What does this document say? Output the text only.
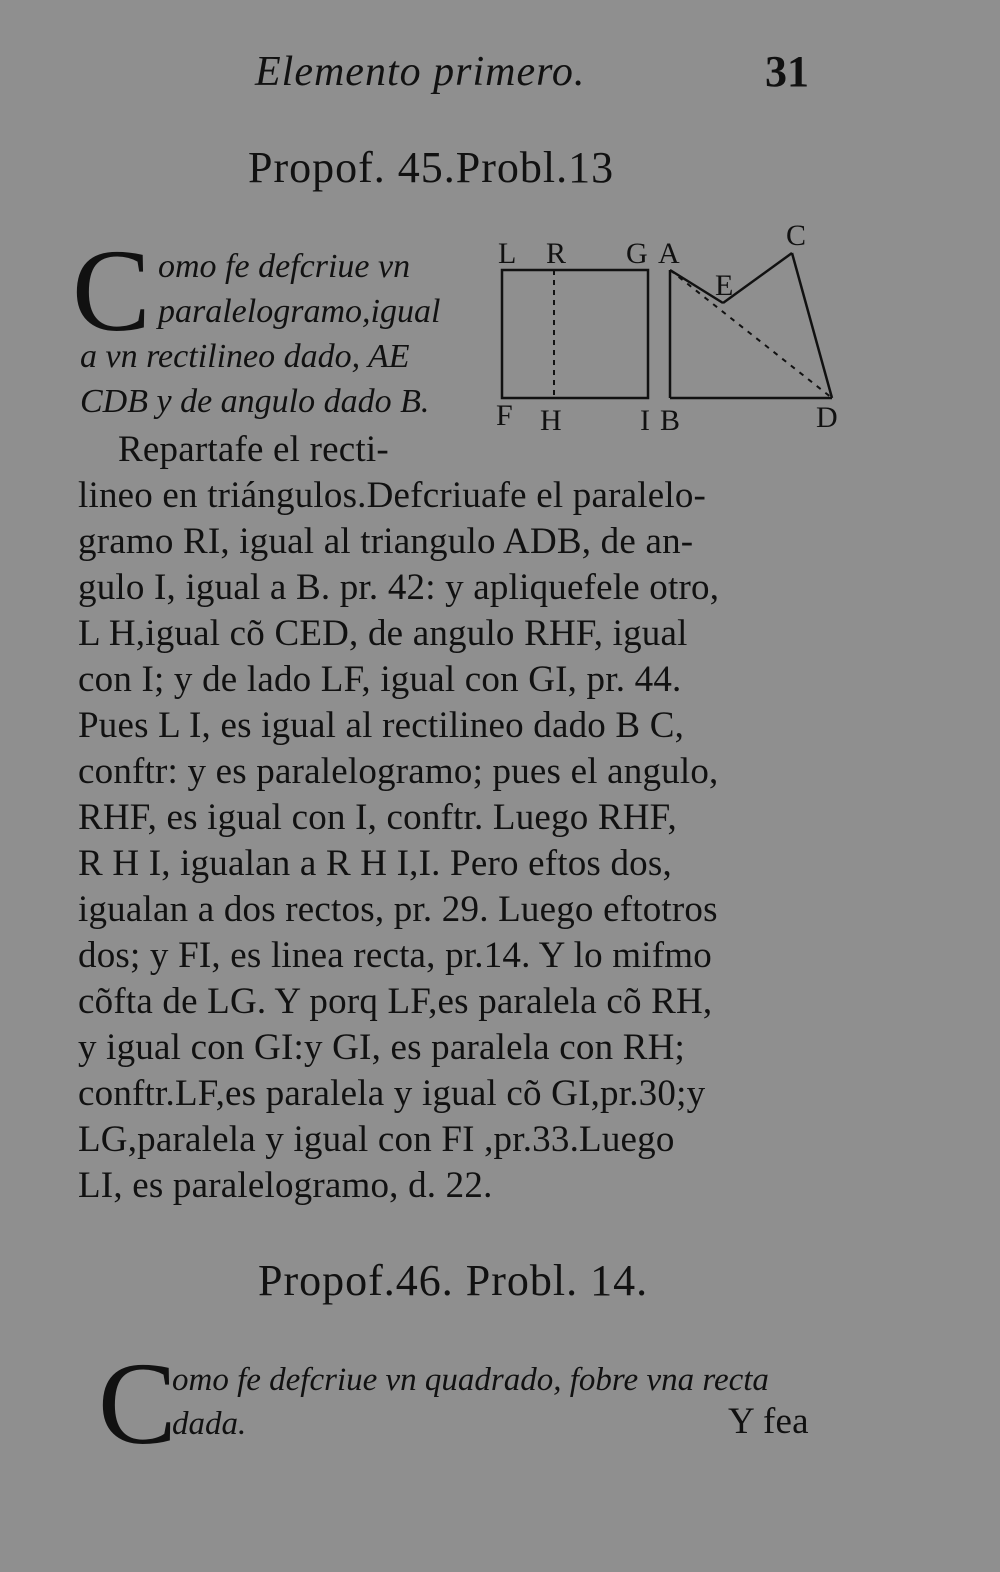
Elemento primero.	31
Propof. 45.Probl.13
C omo fe defcriue vn
paralelogramo,igual
a vn rectilineo dado, AE
CDB y de angulo dado B.
L R G A
C
E
F H	I B	D
Repartafe el recti-
lineo en triángulos.Defcriuafe el paralelo-
gramo RI, igual al triangulo ADB, de an-
gulo I, igual a B. pr. 42: y apliquefele otro,
L H,igual cõ CED, de angulo RHF, igual
con I; y de lado LF, igual con GI, pr. 44.
Pues L I, es igual al rectilineo dado B C,
conftr: y es paralelogramo; pues el angulo,
RHF, es igual con I, conftr. Luego RHF,
R H I, igualan a R H I,I. Pero eftos dos,
igualan a dos rectos, pr. 29. Luego eftotros
dos; y FI, es linea recta, pr.14. Y lo mifmo
cõfta de LG. Y porq LF,es paralela cõ RH,
y igual con GI:y GI, es paralela con RH;
conftr.LF,es paralela y igual cõ GI,pr.30;y
LG,paralela y igual con FI ,pr.33.Luego
LI, es paralelogramo, d. 22.
Propof.46. Probl. 14.
C
omo fe defcriue vn quadrado, fobre vna recta
dada.	Y fea
